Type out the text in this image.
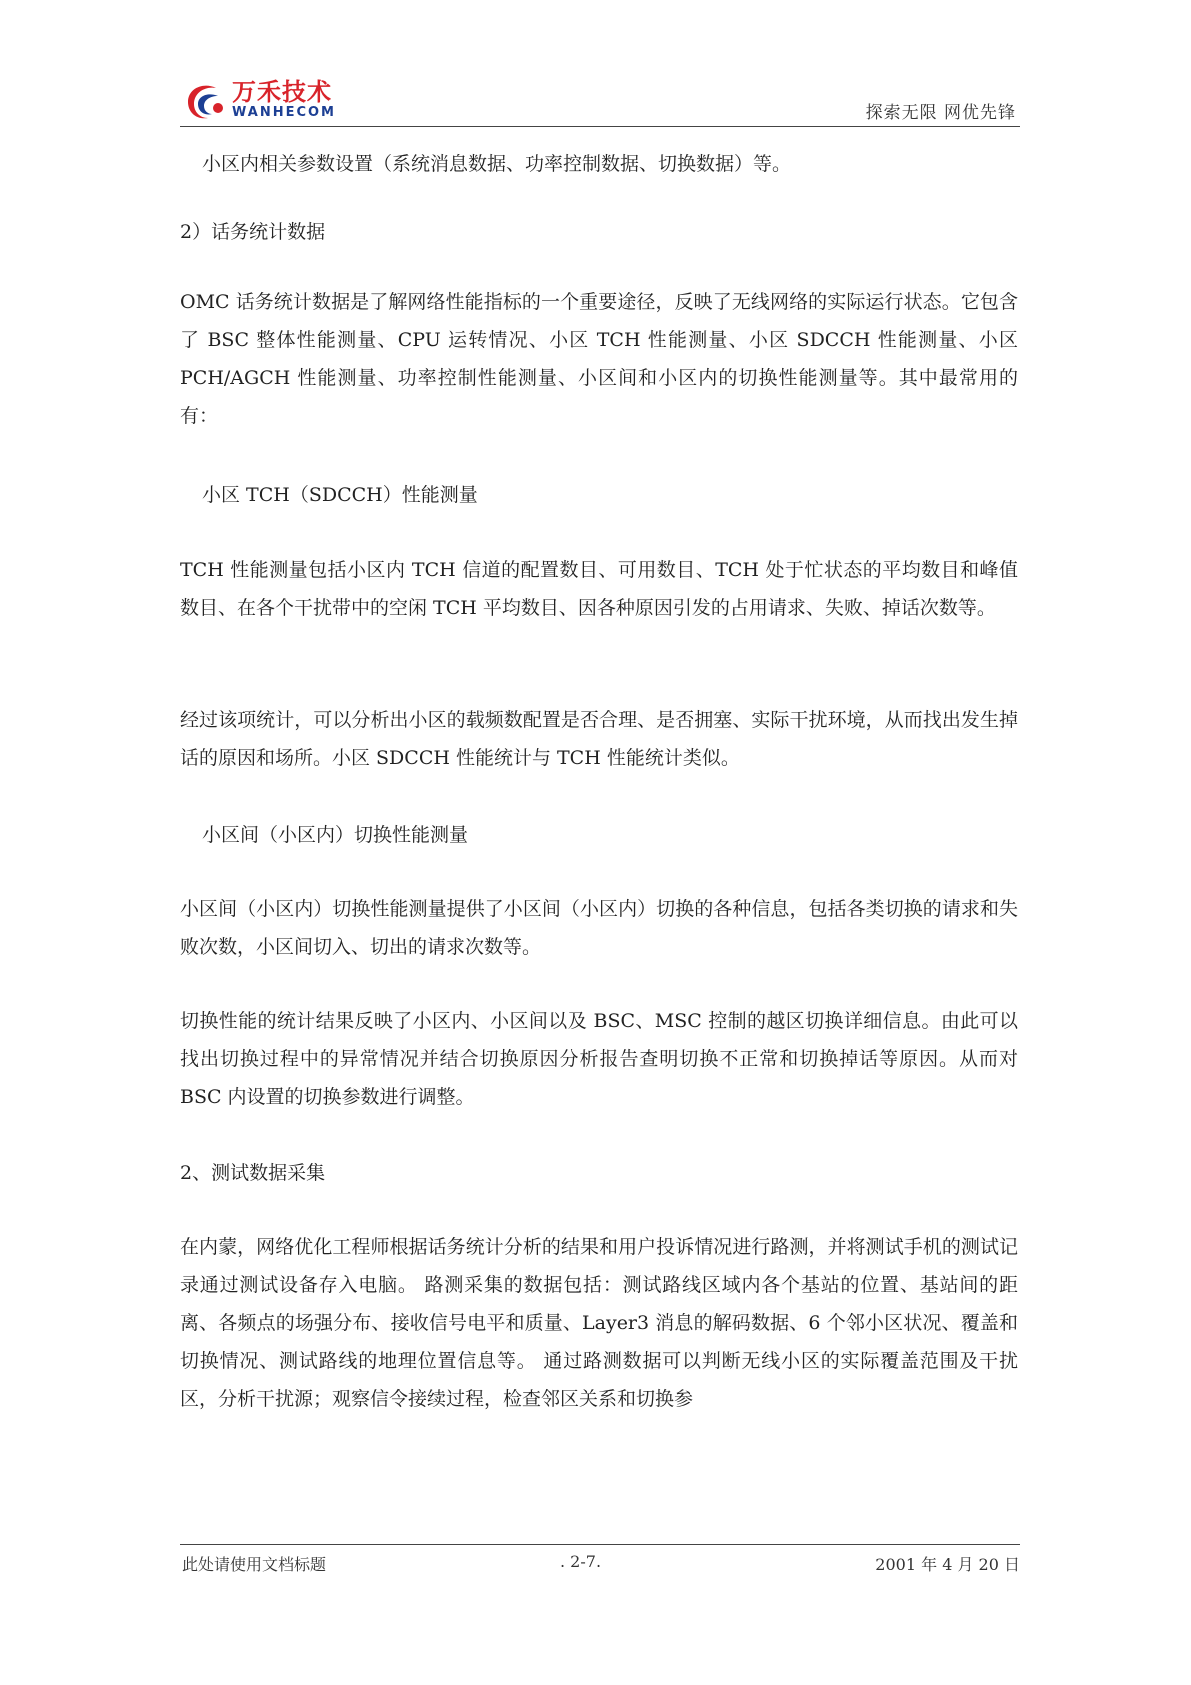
万禾技术
WANHECOM	探索无限 网优先锋

小区内相关参数设置（系统消息数据、功率控制数据、切换数据）等。

2）话务统计数据

OMC 话务统计数据是了解网络性能指标的一个重要途径，反映了无线网络的实际运行状态。它包含了 BSC 整体性能测量、CPU 运转情况、小区 TCH 性能测量、小区 SDCCH 性能测量、小区 PCH/AGCH 性能测量、功率控制性能测量、小区间和小区内的切换性能测量等。其中最常用的有：

小区 TCH（SDCCH）性能测量

TCH 性能测量包括小区内 TCH 信道的配置数目、可用数目、TCH 处于忙状态的平均数目和峰值数目、在各个干扰带中的空闲 TCH 平均数目、因各种原因引发的占用请求、失败、掉话次数等。

经过该项统计，可以分析出小区的载频数配置是否合理、是否拥塞、实际干扰环境，从而找出发生掉话的原因和场所。小区 SDCCH 性能统计与 TCH 性能统计类似。

小区间（小区内）切换性能测量

小区间（小区内）切换性能测量提供了小区间（小区内）切换的各种信息，包括各类切换的请求和失败次数，小区间切入、切出的请求次数等。

切换性能的统计结果反映了小区内、小区间以及 BSC、MSC 控制的越区切换详细信息。由此可以找出切换过程中的异常情况并结合切换原因分析报告查明切换不正常和切换掉话等原因。从而对 BSC 内设置的切换参数进行调整。

2、测试数据采集

在内蒙，网络优化工程师根据话务统计分析的结果和用户投诉情况进行路测，并将测试手机的测试记录通过测试设备存入电脑。 路测采集的数据包括：测试路线区域内各个基站的位置、基站间的距离、各频点的场强分布、接收信号电平和质量、Layer3 消息的解码数据、6 个邻小区状况、覆盖和切换情况、测试路线的地理位置信息等。 通过路测数据可以判断无线小区的实际覆盖范围及干扰区，分析干扰源；观察信令接续过程，检查邻区关系和切换参

此处请使用文档标题	. 2-7.	2001 年 4 月 20 日
